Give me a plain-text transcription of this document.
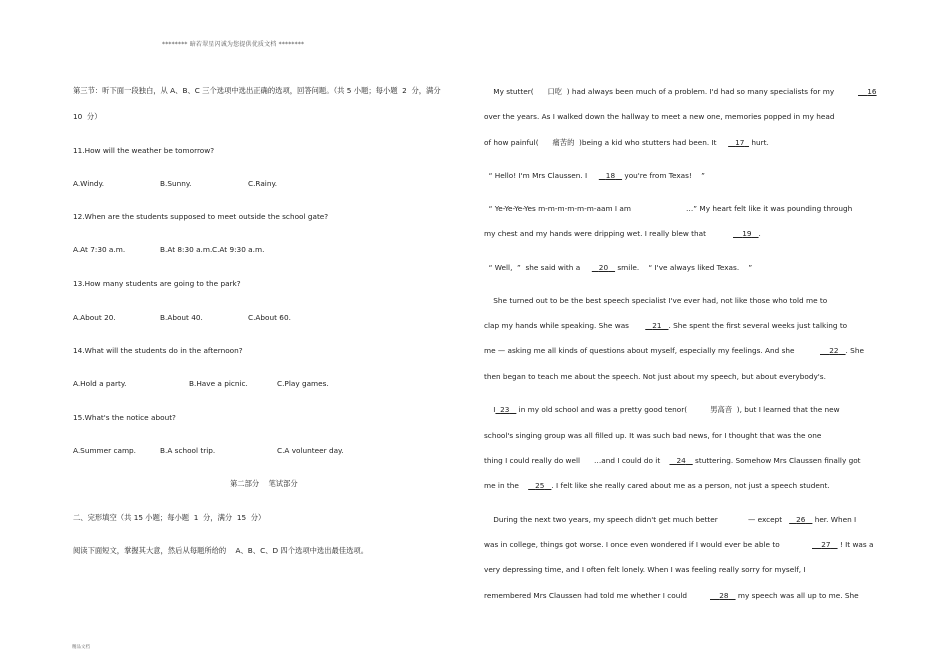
******** 暗若翠星闪诚为您提供优质文档 ********
第三节：听下面一段独白，从 A、B、C 三个选项中选出正确的选项，回答问题。（共 5 小题；每小题  2  分，满分
10  分）
11.How will the weather be tomorrow?
A.Windy.	B.Sunny.	C.Rainy.
12.When are the students supposed to meet outside the school gate?
A.At 7:30 a.m.	B.At 8:30 a.m. C.At 9:30 a.m.
13.How many students are going to the park?
A.About 20.	B.About 40.	C.About 60.
14.What will the students do in the afternoon?
A.Hold a party.	B.Have a picnic.	C.Play games.
15.What's the notice about?
A.Summer camp.	B.A school trip.	C.A volunteer day.
第二部分    笔试部分
二、完形填空（共 15 小题；每小题  1  分，满分  15  分）
阅读下面短文，掌握其大意，然后从每题所给的    A、B、C、D 四个选项中选出最佳选项。
My stutter(      口吃  ) had always been much of a problem. I'd had so many specialists for my	16
over the years. As I walked down the hallway to meet a new one, memories popped in my head
of how painful(      痛苦的  )being a kid who stutters had been. It	17   hurt.
“ Hello! I'm Mrs Claussen. I	18    you're from Texas!    ”
“ Ye-Ye-Ye-Yes m-m-m-m-m-m-aam I am	…” My heart felt like it was pounding through
my chest and my hands were dripping wet. I really blew that	19 .
“ Well,  ”  she said with a	20    smile.    “ I've always liked Texas.    ”
She turned out to be the best speech specialist I've ever had, not like those who told me to
clap my hands while speaking. She was	21 . She spent the first several weeks just talking to
me — asking me all kinds of questions about myself, especially my feelings. And she	22 . She
then began to teach me about the speech. Not just about my speech, but about everybody's.
I 23    in my old school and was a pretty good tenor(          男高音  ), but I learned that the new
school's singing group was all filled up. It was such bad news, for I thought that was the one
thing I could really do well …and I could do it 24    stuttering. Somehow Mrs Claussen finally got
me in the 25 . I felt like she really cared about me as a person, not just a speech student.
During the next two years, my speech didn't get much better	— except 26    her. When I
was in college, things got worse. I once even wondered if I would ever be able to	27    ! It was a
very depressing time, and I often felt lonely. When I was feeling really sorry for myself, I
remembered Mrs Claussen had told me whether I could	28    my speech was all up to me. She
精品文档
